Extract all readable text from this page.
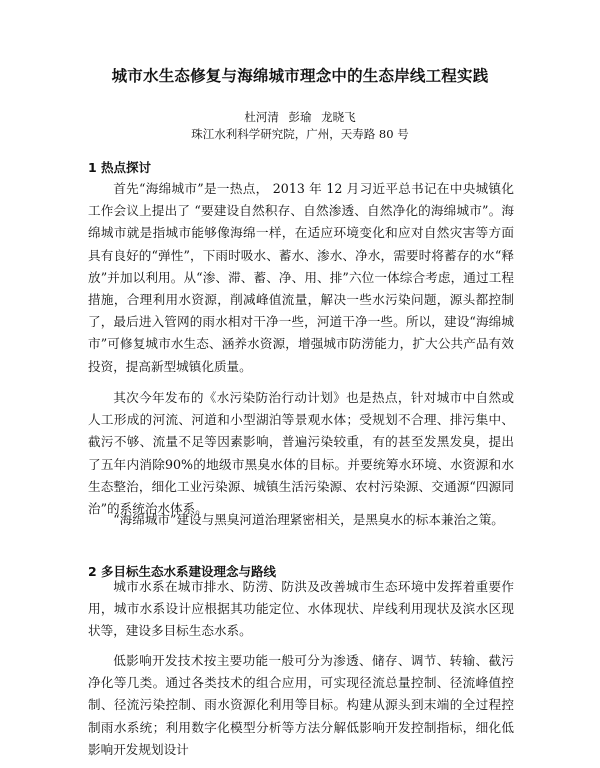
城市水生态修复与海绵城市理念中的生态岸线工程实践

杜河清 彭瑜 龙晓飞

珠江水利科学研究院，广州，天寿路 80 号

1 热点探讨

首先“海绵城市”是一热点， 2013 年 12 月习近平总书记在中央城镇化工作会议上提出了 “要建设自然积存、自然渗透、自然净化的海绵城市”。海绵城市就是指城市能够像海绵一样，在适应环境变化和应对自然灾害等方面具有良好的“弹性”，下雨时吸水、蓄水、渗水、净水，需要时将蓄存的水“释放”并加以利用。从“渗、滞、蓄、净、用、排”六位一体综合考虑，通过工程措施，合理利用水资源，削减峰值流量，解决一些水污染问题，源头都控制了，最后进入管网的雨水相对干净一些，河道干净一些。所以，建设“海绵城市”可修复城市水生态、涵养水资源，增强城市防涝能力，扩大公共产品有效投资，提高新型城镇化质量。

其次今年发布的《水污染防治行动计划》也是热点，针对城市中自然或人工形成的河流、河道和小型湖泊等景观水体；受规划不合理、排污集中、截污不够、流量不足等因素影响，普遍污染较重，有的甚至发黑发臭，提出了五年内消除90%的地级市黑臭水体的目标。并要统筹水环境、水资源和水生态整治，细化工业污染源、城镇生活污染源、农村污染源、交通源“四源同治”的系统治水体系。

“海绵城市”建设与黑臭河道治理紧密相关，是黑臭水的标本兼治之策。

2 多目标生态水系建设理念与路线

城市水系在城市排水、防涝、防洪及改善城市生态环境中发挥着重要作用，城市水系设计应根据其功能定位、水体现状、岸线利用现状及滨水区现状等，建设多目标生态水系。

低影响开发技术按主要功能一般可分为渗透、储存、调节、转输、截污净化等几类。通过各类技术的组合应用，可实现径流总量控制、径流峰值控制、径流污染控制、雨水资源化利用等目标。构建从源头到末端的全过程控制雨水系统；利用数字化模型分析等方法分解低影响开发控制指标，细化低影响开发规划设计
